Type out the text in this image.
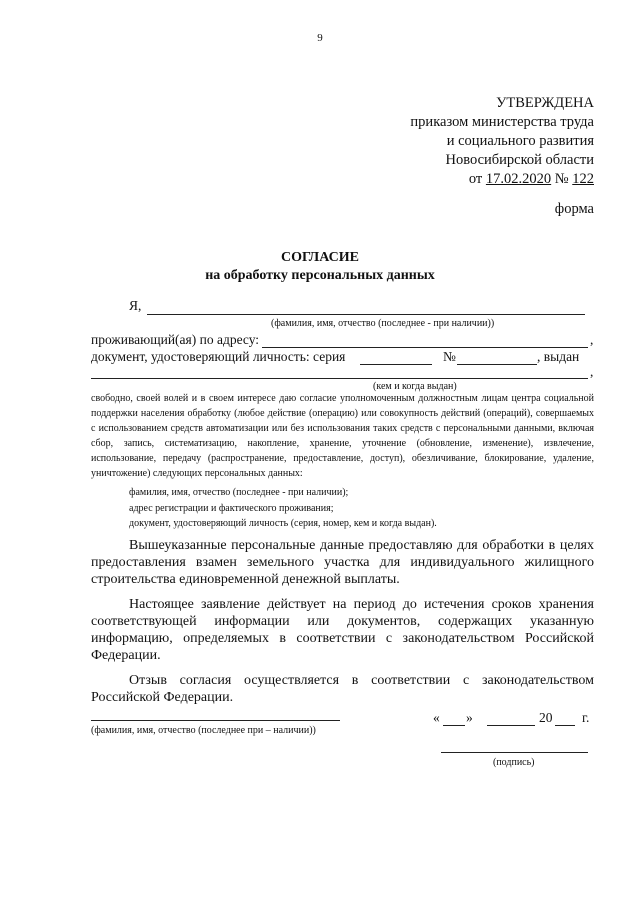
9
УТВЕРЖДЕНА
приказом министерства труда
и социального развития
Новосибирской области
от 17.02.2020 № 122
форма
СОГЛАСИЕ
на обработку персональных данных
Я,
(фамилия, имя, отчество (последнее - при наличии))
проживающий(ая) по адресу:	,
документ, удостоверяющий личность: серия	№	, выдан
,
(кем и когда выдан)
свободно, своей волей и в своем интересе даю согласие уполномоченным должностным лицам центра социальной поддержки населения обработку (любое действие (операцию) или совокупность действий (операций), совершаемых с использованием средств автоматизации или без использования таких средств с персональными данными, включая сбор, запись, систематизацию, накопление, хранение, уточнение (обновление, изменение), извлечение, использование, передачу (распространение, предоставление, доступ), обезличивание, блокирование, удаление, уничтожение) следующих персональных данных:
фамилия, имя, отчество (последнее - при наличии);
адрес регистрации и фактического проживания;
документ, удостоверяющий личность (серия, номер, кем и когда выдан).
Вышеуказанные персональные данные предоставляю для обработки в целях предоставления взамен земельного участка для индивидуального жилищного строительства единовременной денежной выплаты.
Настоящее заявление действует на период до истечения сроков хранения соответствующей информации или документов, содержащих указанную информацию, определяемых в соответствии с законодательством Российской Федерации.
Отзыв согласия осуществляется в соответствии с законодательством Российской Федерации.
(фамилия, имя, отчество (последнее при – наличии))
« »	20 г.
(подпись)
